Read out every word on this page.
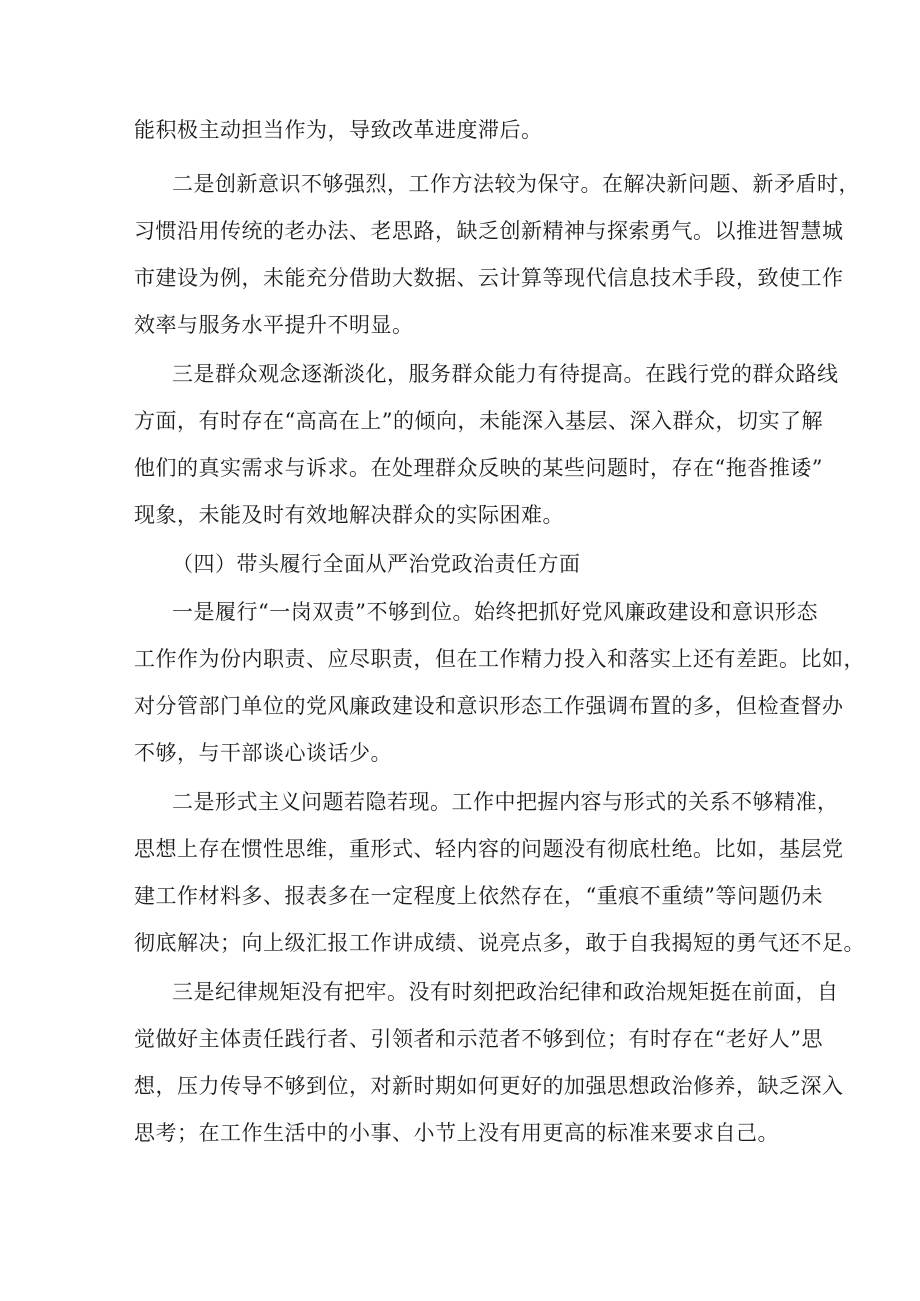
能积极主动担当作为，导致改革进度滞后。

二是创新意识不够强烈，工作方法较为保守。在解决新问题、新矛盾时，

习惯沿用传统的老办法、老思路，缺乏创新精神与探索勇气。以推进智慧城

市建设为例，未能充分借助大数据、云计算等现代信息技术手段，致使工作

效率与服务水平提升不明显。

三是群众观念逐渐淡化，服务群众能力有待提高。在践行党的群众路线

方面，有时存在“高高在上”的倾向，未能深入基层、深入群众，切实了解

他们的真实需求与诉求。在处理群众反映的某些问题时，存在“拖沓推诿”

现象，未能及时有效地解决群众的实际困难。

（四）带头履行全面从严治党政治责任方面

一是履行“一岗双责”不够到位。始终把抓好党风廉政建设和意识形态

工作作为份内职责、应尽职责，但在工作精力投入和落实上还有差距。比如，

对分管部门单位的党风廉政建设和意识形态工作强调布置的多，但检查督办

不够，与干部谈心谈话少。

二是形式主义问题若隐若现。工作中把握内容与形式的关系不够精准，

思想上存在惯性思维，重形式、轻内容的问题没有彻底杜绝。比如，基层党

建工作材料多、报表多在一定程度上依然存在，“重痕不重绩”等问题仍未

彻底解决；向上级汇报工作讲成绩、说亮点多，敢于自我揭短的勇气还不足。

三是纪律规矩没有把牢。没有时刻把政治纪律和政治规矩挺在前面，自

觉做好主体责任践行者、引领者和示范者不够到位；有时存在“老好人”思

想，压力传导不够到位，对新时期如何更好的加强思想政治修养，缺乏深入

思考；在工作生活中的小事、小节上没有用更高的标准来要求自己。
